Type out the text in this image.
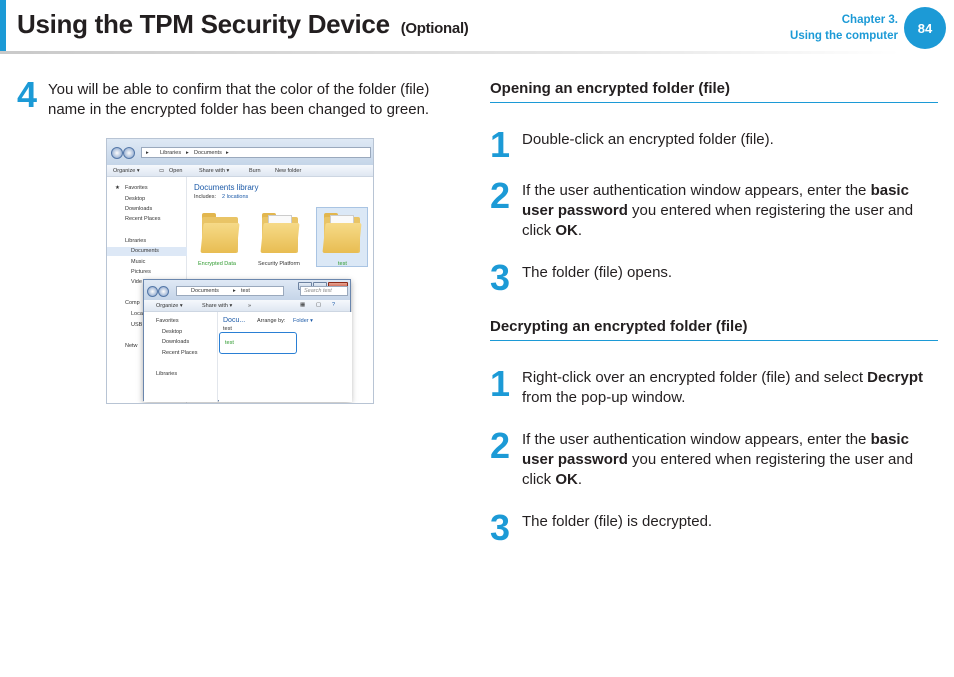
Using the TPM Security Device (Optional)	Chapter 3.
Using the computer
84
4 You will be able to confirm that the color of the folder (file) name in the encrypted folder has been changed to green.
▸ Libraries ▸ Documents ▸
Organize ▾	▭ Open	Share with ▾	Burn	New folder
★ Favorites
Desktop
Downloads
Recent Places
Libraries
Documents
Music
Pictures
Vide
Comp
Loca
USB
Netw
Documents library
Includes: 2 locations
Encrypted Data	Security Platform	test
Documents	▸ test	Search test
Organize ▾	Share with ▾	»	▦ ▢ ?
Favorites
Desktop
Downloads
Recent Places
Libraries
Docu...
test
Arrange by: Folder ▾
test
Opening an encrypted folder (file)
1 Double-click an encrypted folder (file).
2 If the user authentication window appears, enter the basic user password you entered when registering the user and click OK.
3 The folder (file) opens.
Decrypting an encrypted folder (file)
1 Right-click over an encrypted folder (file) and select Decrypt from the pop-up window.
2 If the user authentication window appears, enter the basic user password you entered when registering the user and click OK.
3 The folder (file) is decrypted.
